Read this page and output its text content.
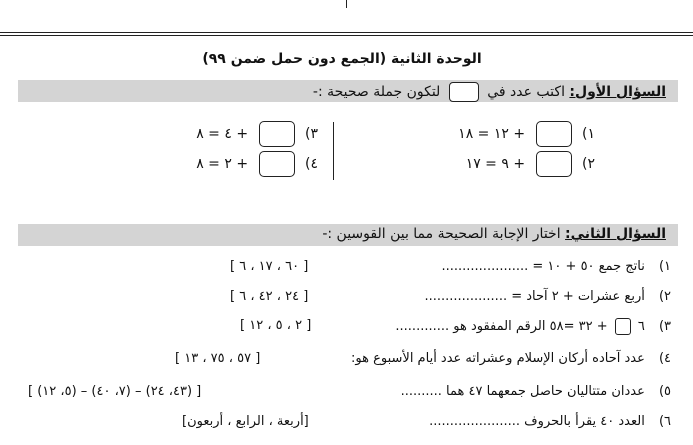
الوحدة الثانية (الجمع دون حمل ضمن ٩٩)
السؤال الأول: اكتب عدد في  لتكون جملة صحيحة :-
١)  + ١٢ = ١٨
٢)  + ٩ = ١٧
٣)  + ٤ = ٨
٤)  + ٢ = ٨
السؤال الثاني: اختار الإجابة الصحيحة مما بين القوسين :-
١) ناتج جمع ٥٠ + ١٠ = .....................
[ ٦٠ ، ١٧ ، ٦ ]
٢) أربع عشرات + ٢ آحاد = ....................
[ ٢٤ ، ٤٢ ، ٦ ]
٣) ٦  + ٣٢ =٥٨ الرقم المفقود هو .............
[ ٢ ، ٥ ، ١٢ ]
٤) عدد آحاده أركان الإسلام وعشراته عدد أيام الأسبوع هو:
[ ٥٧ ، ٧٥ ، ١٣ ]
٥) عددان متتاليان حاصل جمعهما ٤٧ هما ..........
[ (٤٣، ٢٤) – (٧، ٤٠) – (٥، ١٢) ]
٦) العدد ٤٠ يقرأ بالحروف ......................
[أربعة ، الرابع ، أربعون]
